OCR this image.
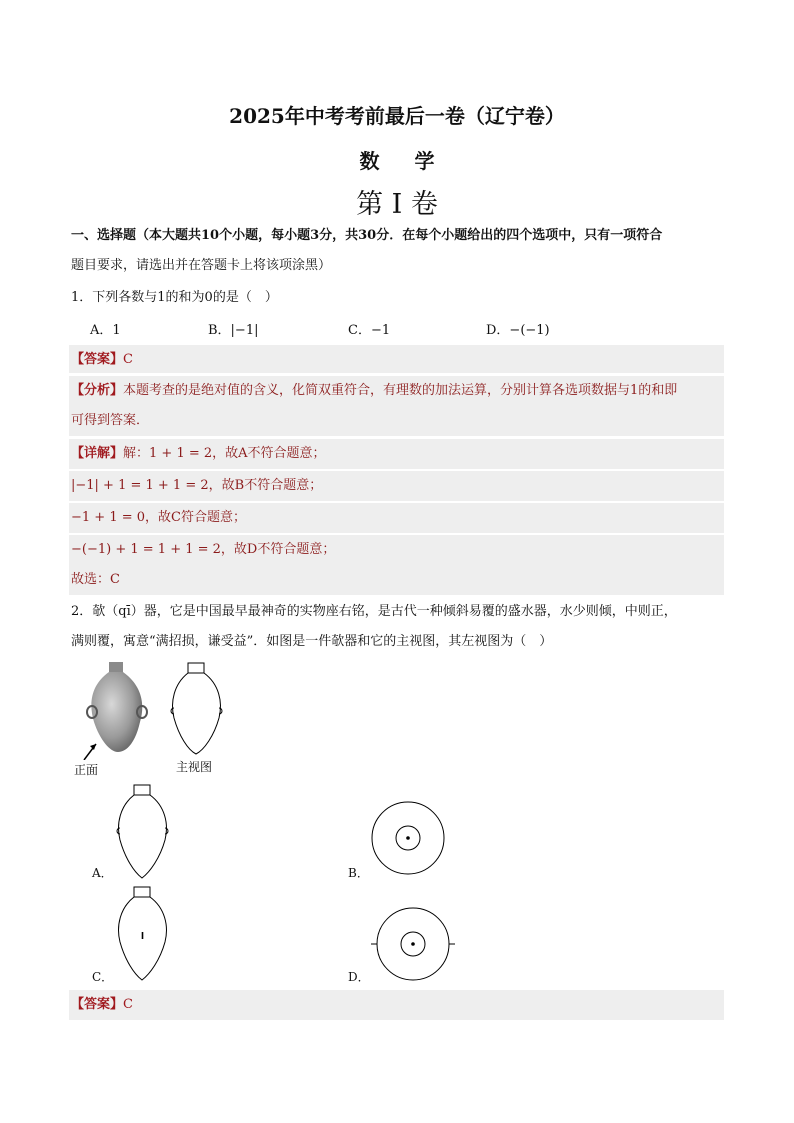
2025年中考考前最后一卷（辽宁卷）
数 学
第 I 卷
一、选择题（本大题共10个小题，每小题3分，共30分．在每个小题给出的四个选项中，只有一项符合
题目要求，请选出并在答题卡上将该项涂黑）
1．下列各数与1的和为0的是（　）
A．1	B．|−1|	C．−1	D．−(−1)
【答案】C
【分析】本题考查的是绝对值的含义，化简双重符合，有理数的加法运算，分别计算各选项数据与1的和即
可得到答案．
【详解】解：1 + 1 = 2，故A不符合题意；
|−1| + 1 = 1 + 1 = 2，故B不符合题意；
−1 + 1 = 0，故C符合题意；
−(−1) + 1 = 1 + 1 = 2，故D不符合题意；
故选：C
2．欹（qī）器，它是中国最早最神奇的实物座右铭，是古代一种倾斜易覆的盛水器，水少则倾，中则正，
满则覆，寓意“满招损，谦受益”．如图是一件欹器和它的主视图，其左视图为（　）
正面	主视图
A．	B．
C．	D．
【答案】C
